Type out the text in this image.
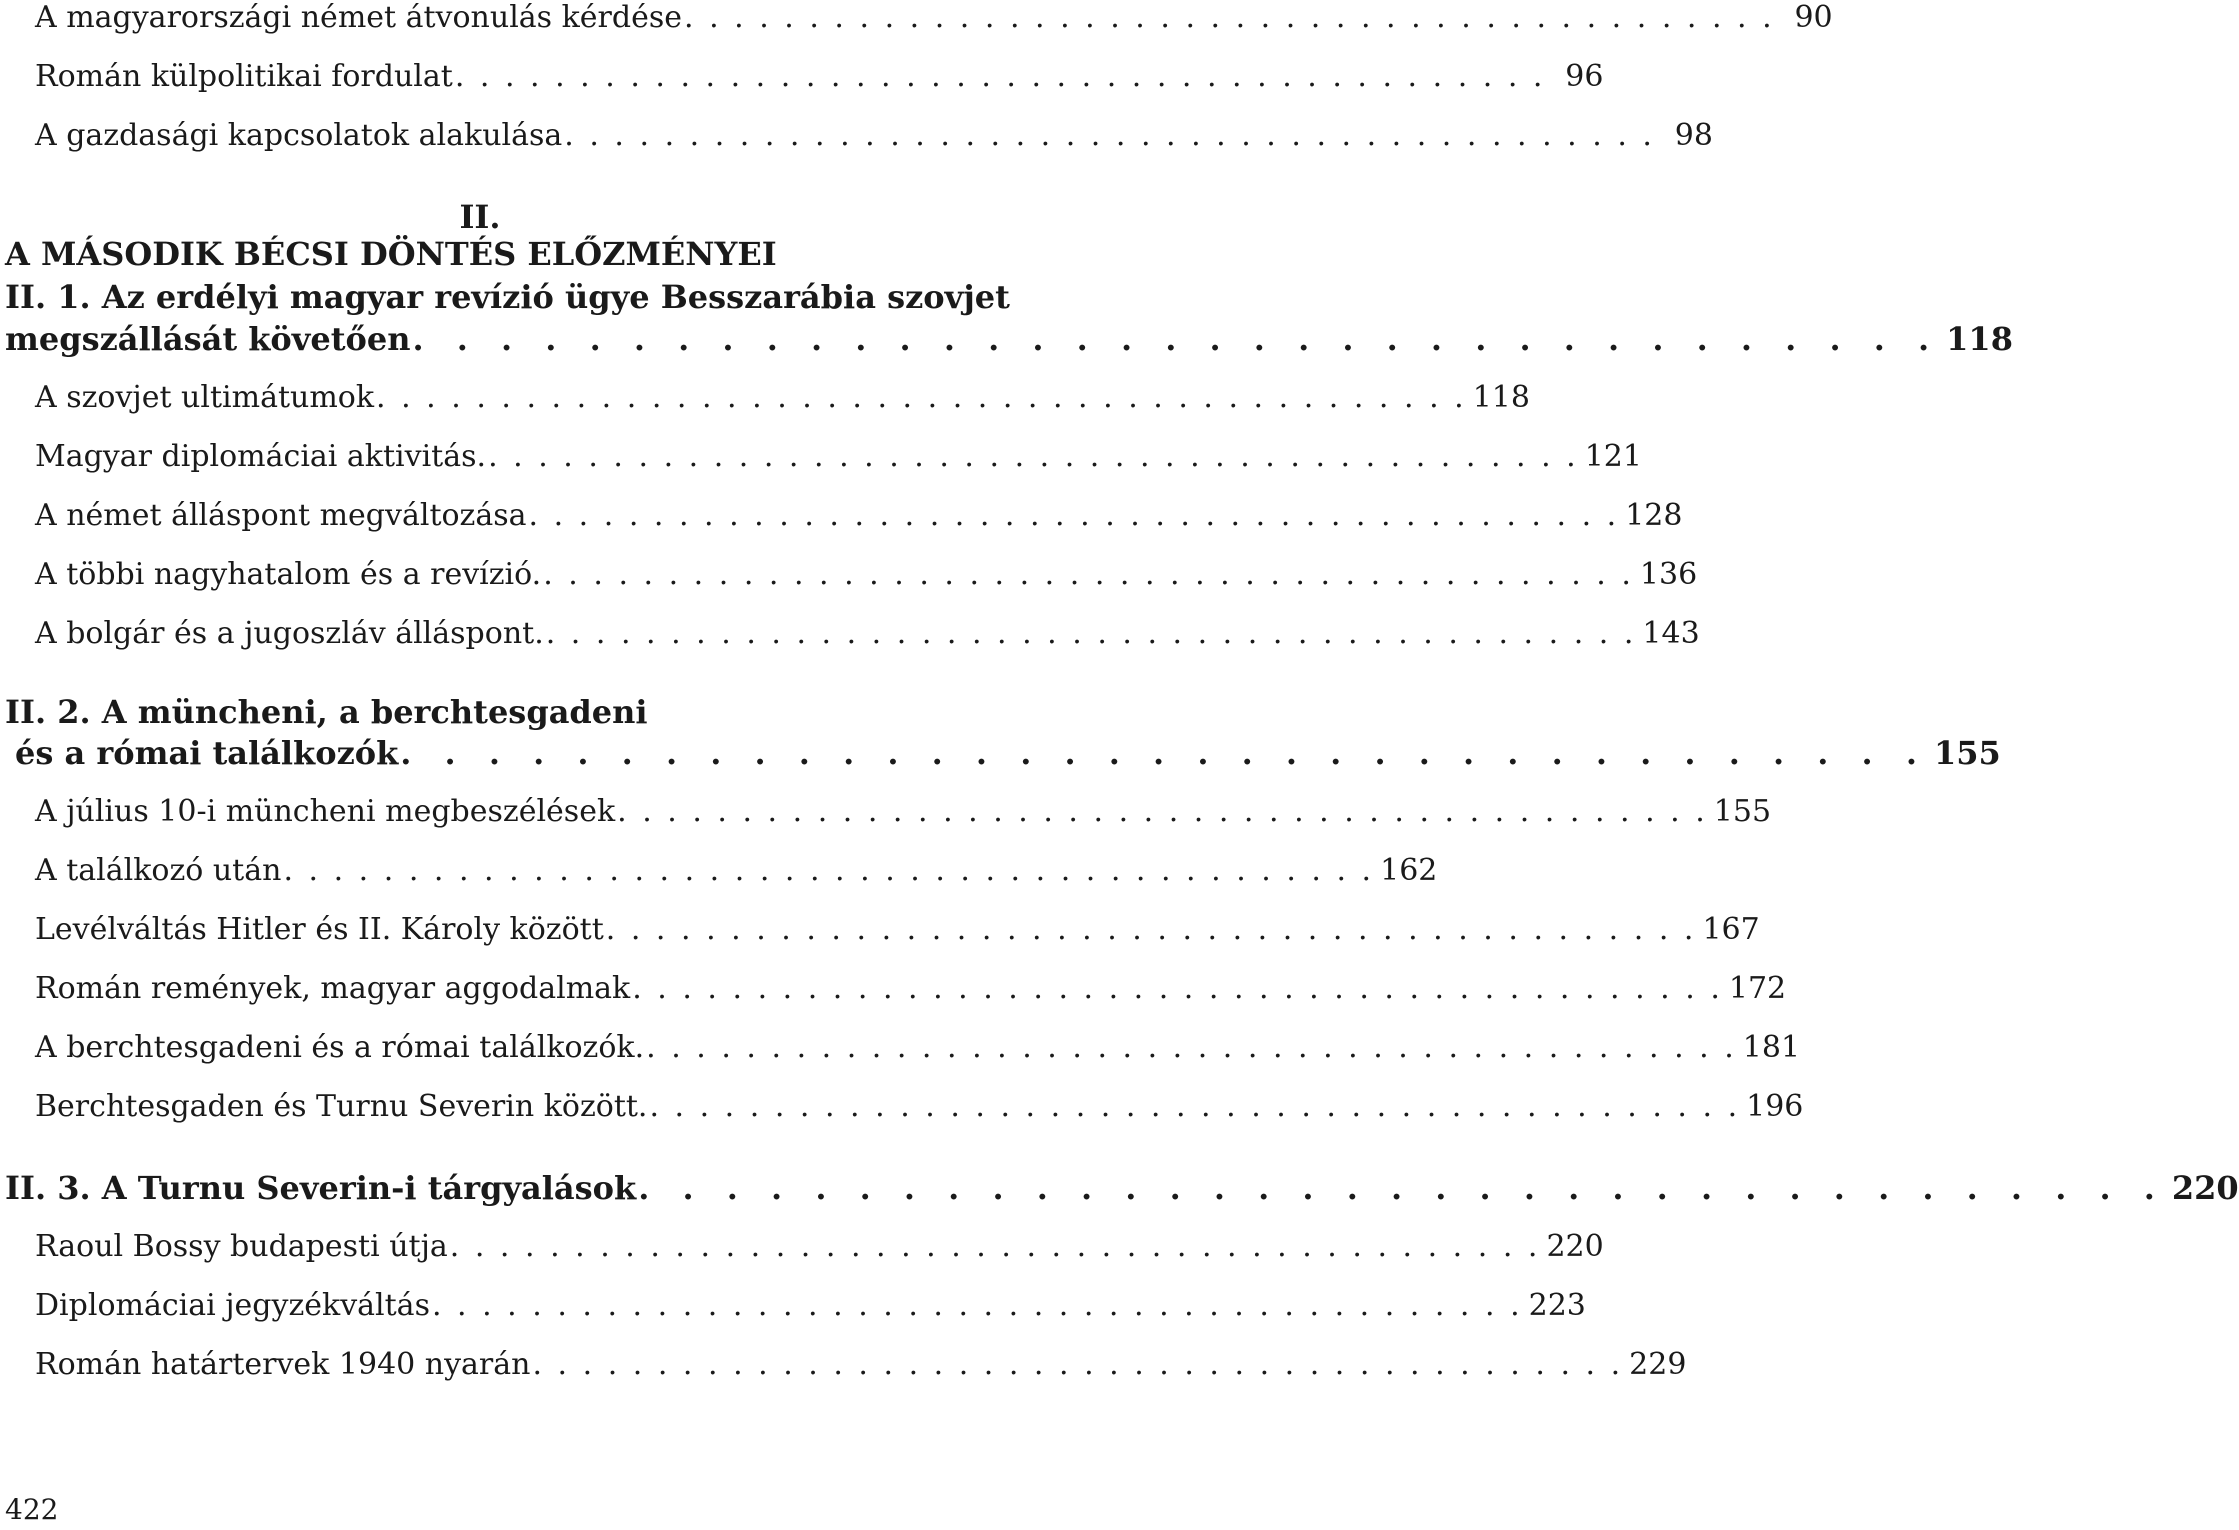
A magyarországi német átvonulás kérdése . . . . . . . . . . . . . . . . . . . . . . . . . . . . . . . . . . . . . . . . . . . . 90
Román külpolitikai fordulat . . . . . . . . . . . . . . . . . . . . . . . . . . . . . . . . . . . . . . . . . . . . 96
A gazdasági kapcsolatok alakulása . . . . . . . . . . . . . . . . . . . . . . . . . . . . . . . . . . . . . . . . . . . . 98
II.
A MÁSODIK BÉCSI DÖNTÉS ELŐZMÉNYEI
II. 1. Az erdélyi magyar revízió ügye Besszarábia szovjet
megszállását követően . . . . . . . . . . . . . . . . . . . . . . . . . . . . . . . . . . . 118
A szovjet ultimátumok . . . . . . . . . . . . . . . . . . . . . . . . . . . . . . . . . . . . . . . . . . . . 118
Magyar diplomáciai aktivitás. . . . . . . . . . . . . . . . . . . . . . . . . . . . . . . . . . . . . . . . . . . . . 121
A német álláspont megváltozása . . . . . . . . . . . . . . . . . . . . . . . . . . . . . . . . . . . . . . . . . . . . 128
A többi nagyhatalom és a revízió. . . . . . . . . . . . . . . . . . . . . . . . . . . . . . . . . . . . . . . . . . . . . 136
A bolgár és a jugoszláv álláspont. . . . . . . . . . . . . . . . . . . . . . . . . . . . . . . . . . . . . . . . . . . . . 143
II. 2. A müncheni, a berchtesgadeni
és a római találkozók . . . . . . . . . . . . . . . . . . . . . . . . . . . . . . . . . . . 155
A július 10-i müncheni megbeszélések . . . . . . . . . . . . . . . . . . . . . . . . . . . . . . . . . . . . . . . . . . . . 155
A találkozó után . . . . . . . . . . . . . . . . . . . . . . . . . . . . . . . . . . . . . . . . . . . . 162
Levélváltás Hitler és II. Károly között . . . . . . . . . . . . . . . . . . . . . . . . . . . . . . . . . . . . . . . . . . . . 167
Román remények, magyar aggodalmak . . . . . . . . . . . . . . . . . . . . . . . . . . . . . . . . . . . . . . . . . . . . 172
A berchtesgadeni és a római találkozók. . . . . . . . . . . . . . . . . . . . . . . . . . . . . . . . . . . . . . . . . . . . . 181
Berchtesgaden és Turnu Severin között. . . . . . . . . . . . . . . . . . . . . . . . . . . . . . . . . . . . . . . . . . . . . 196
II. 3. A Turnu Severin-i tárgyalások . . . . . . . . . . . . . . . . . . . . . . . . . . . . . . . . . . . 220
Raoul Bossy budapesti útja . . . . . . . . . . . . . . . . . . . . . . . . . . . . . . . . . . . . . . . . . . . . 220
Diplomáciai jegyzékváltás . . . . . . . . . . . . . . . . . . . . . . . . . . . . . . . . . . . . . . . . . . . . 223
Román határtervek 1940 nyarán . . . . . . . . . . . . . . . . . . . . . . . . . . . . . . . . . . . . . . . . . . . . 229
422
